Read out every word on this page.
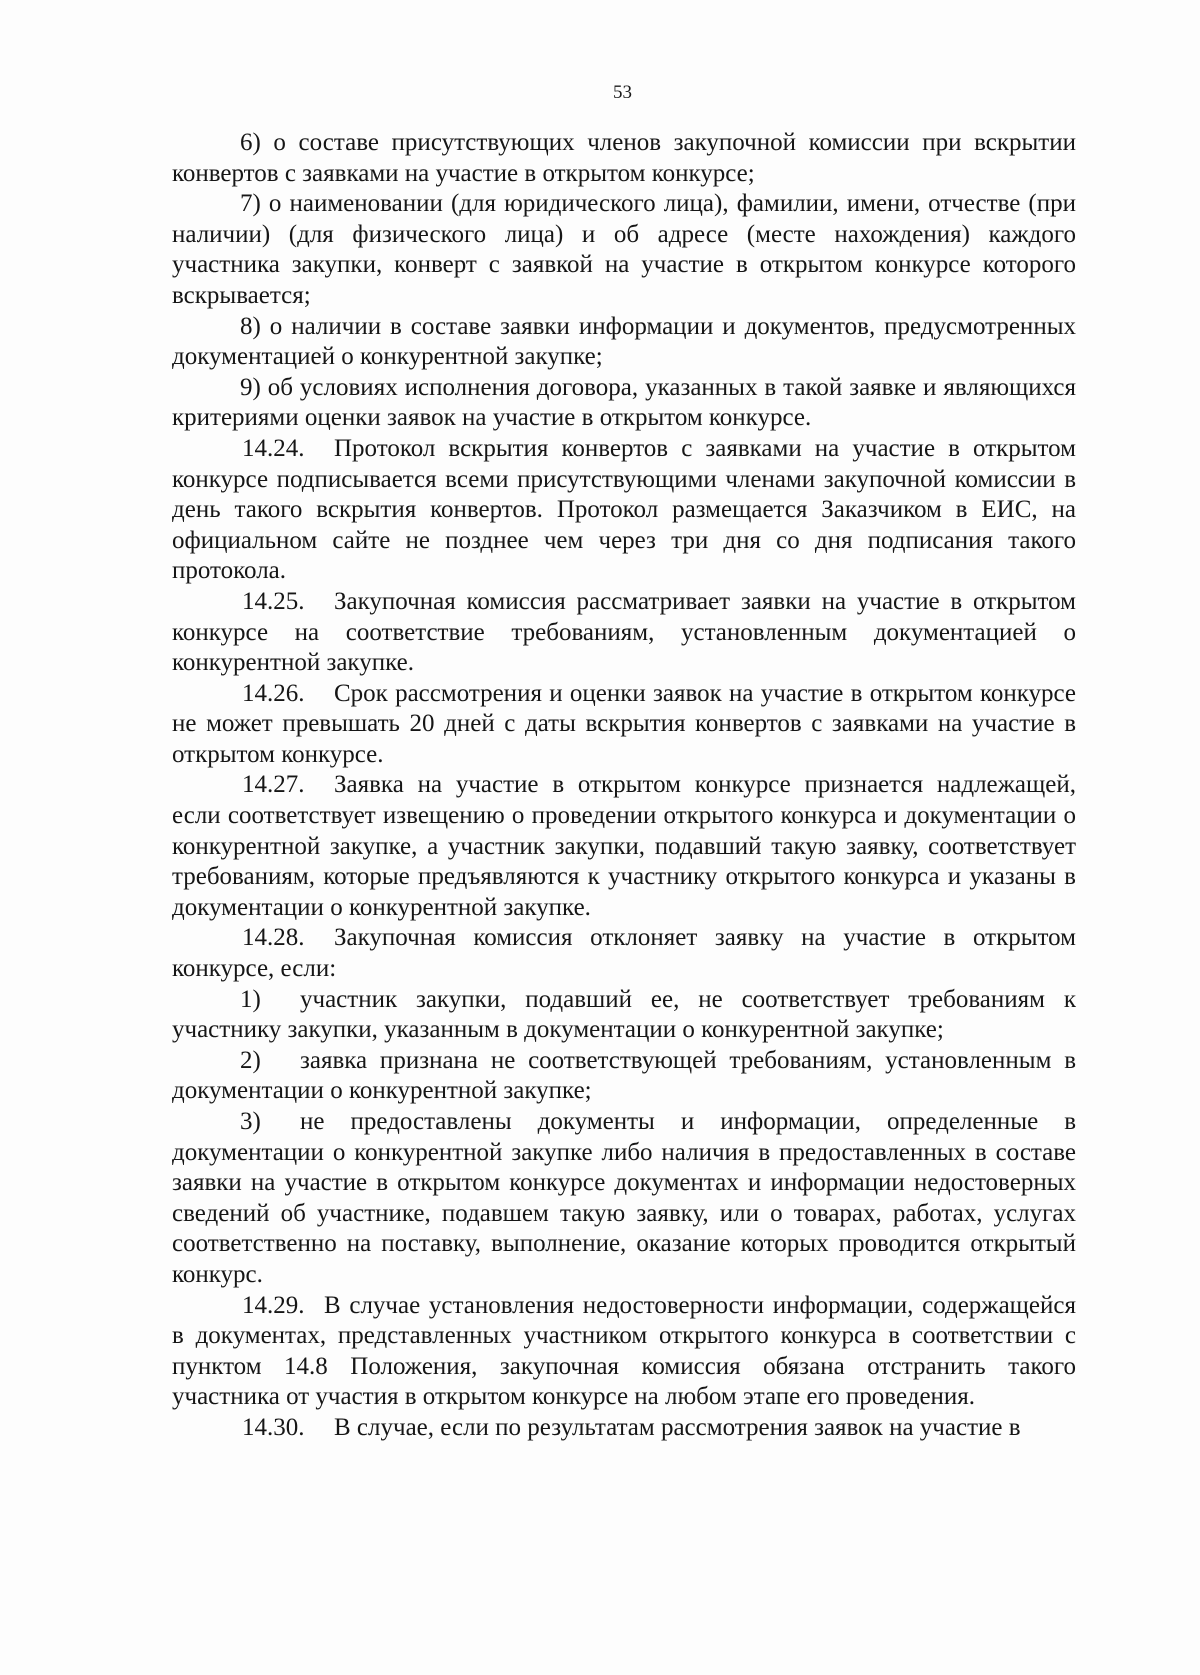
53

6) о составе присутствующих членов закупочной комиссии при вскрытии конвертов с заявками на участие в открытом конкурсе;

7) о наименовании (для юридического лица), фамилии, имени, отчестве (при наличии) (для физического лица) и об адресе (месте нахождения) каждого участника закупки, конверт с заявкой на участие в открытом конкурсе которого вскрывается;

8) о наличии в составе заявки информации и документов, предусмотренных документацией о конкурентной закупке;

9) об условиях исполнения договора, указанных в такой заявке и являющихся критериями оценки заявок на участие в открытом конкурсе.

14.24. Протокол вскрытия конвертов с заявками на участие в открытом конкурсе подписывается всеми присутствующими членами закупочной комиссии в день такого вскрытия конвертов. Протокол размещается Заказчиком в ЕИС, на официальном сайте не позднее чем через три дня со дня подписания такого протокола.

14.25. Закупочная комиссия рассматривает заявки на участие в открытом конкурсе на соответствие требованиям, установленным документацией о конкурентной закупке.

14.26. Срок рассмотрения и оценки заявок на участие в открытом конкурсе не может превышать 20 дней с даты вскрытия конвертов с заявками на участие в открытом конкурсе.

14.27. Заявка на участие в открытом конкурсе признается надлежащей, если соответствует извещению о проведении открытого конкурса и документации о конкурентной закупке, а участник закупки, подавший такую заявку, соответствует требованиям, которые предъявляются к участнику открытого конкурса и указаны в документации о конкурентной закупке.

14.28. Закупочная комиссия отклоняет заявку на участие в открытом конкурсе, если:

1) участник закупки, подавший ее, не соответствует требованиям к участнику закупки, указанным в документации о конкурентной закупке;

2) заявка признана не соответствующей требованиям, установленным в документации о конкурентной закупке;

3) не предоставлены документы и информации, определенные в документации о конкурентной закупке либо наличия в предоставленных в составе заявки на участие в открытом конкурсе документах и информации недостоверных сведений об участнике, подавшем такую заявку, или о товарах, работах, услугах соответственно на поставку, выполнение, оказание которых проводится открытый конкурс.

14.29. В случае установления недостоверности информации, содержащейся в документах, представленных участником открытого конкурса в соответствии с пунктом 14.8 Положения, закупочная комиссия обязана отстранить такого участника от участия в открытом конкурсе на любом этапе его проведения.

14.30. В случае, если по результатам рассмотрения заявок на участие в
